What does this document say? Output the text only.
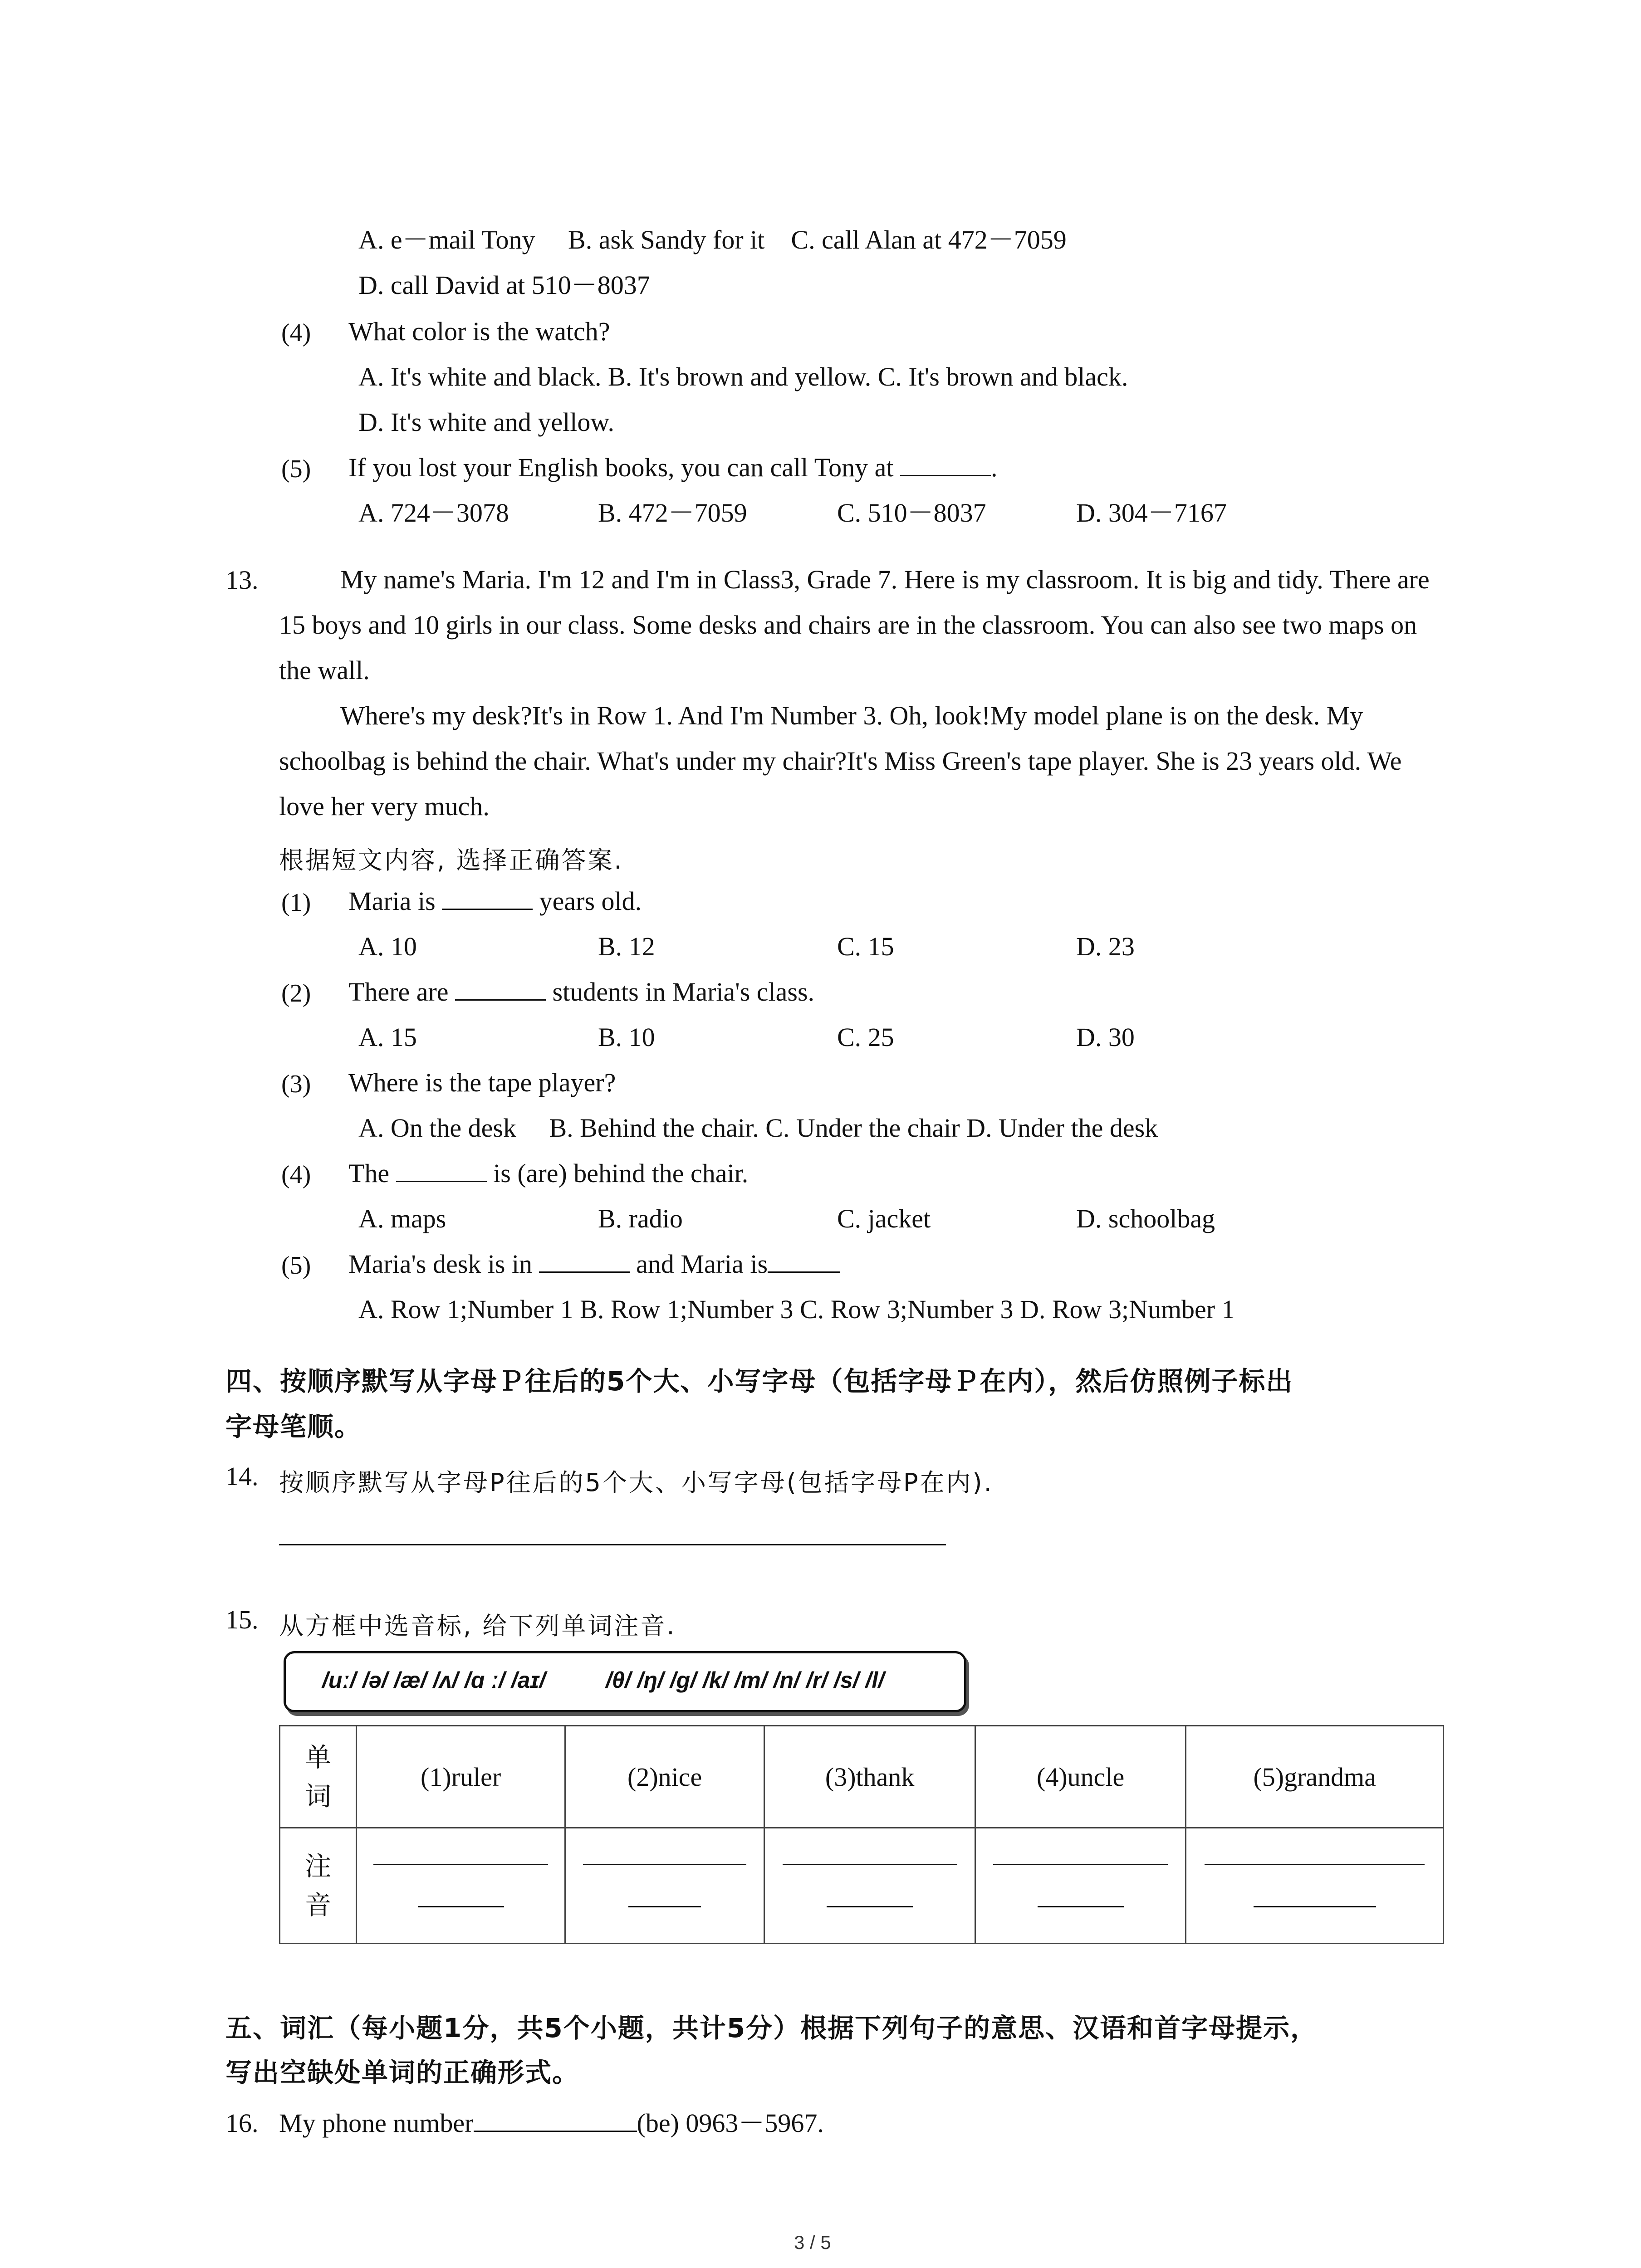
A. e－mail Tony　 B. ask Sandy for it　C. call Alan at 472－7059
D. call David at 510－8037
(4) What color is the watch?
A. It's white and black. B. It's brown and yellow. C. It's brown and black.
D. It's white and yellow.
(5) If you lost your English books, you can call Tony at	.
A. 724－3078	B. 472－7059	C. 510－8037	D. 304－7167
13.	My name's Maria. I'm 12 and I'm in Class3, Grade 7. Here is my classroom. It is big and tidy. There are 15 boys and 10 girls in our class. Some desks and chairs are in the classroom. You can also see two maps on the wall.

Where's my desk?It's in Row 1. And I'm Number 3. Oh, look!My model plane is on the desk. My schoolbag is behind the chair. What's under my chair?It's Miss Green's tape player. She is 23 years old. We love her very much.

根据短文内容, 选择正确答案.
(1) Maria is	years old.
A. 10	B. 12	C. 15	D. 23
(2) There are	students in Maria's class.
A. 15	B. 10	C. 25	D. 30
(3) Where is the tape player?
A. On the desk　 B. Behind the chair. C. Under the chair D. Under the desk
(4) The	is (are) behind the chair.
A. maps	B. radio	C. jacket	D. schoolbag
(5) Maria's desk is in	and Maria is
A. Row 1;Number 1 B. Row 1;Number 3 C. Row 3;Number 3 D. Row 3;Number 1
四、按顺序默写从字母Ｐ往后的5个大、小写字母（包括字母Ｐ在内），然后仿照例子标出
字母笔顺。
14. 按顺序默写从字母P往后的5个大、小写字母(包括字母P在内).
15. 从方框中选音标, 给下列单词注音.
/uː/ /ə/ /æ/ /ʌ/ /ɑ ː/ /aɪ/	/θ/ /ŋ/ /g/ /k/ /m/ /n/ /r/ /s/ /l/
单
词	(1)ruler	(2)nice	(3)thank	(4)uncle	(5)grandma
注
音	

五、词汇（每小题1分，共5个小题，共计5分）根据下列句子的意思、汉语和首字母提示，
写出空缺处单词的正确形式。
16. My phone number	(be) 0963－5967.
3 / 5
